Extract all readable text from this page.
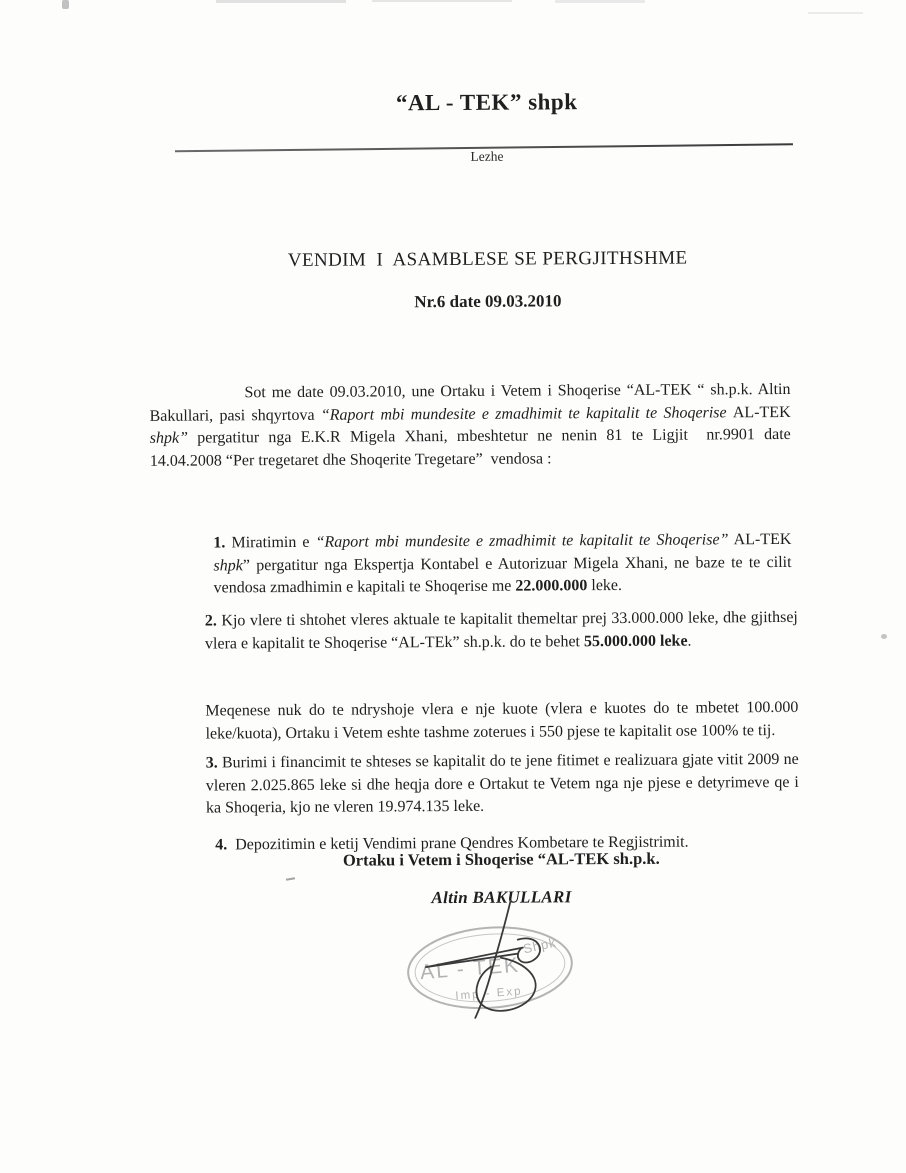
“AL - TEK” shpk
Lezhe
VENDIM  I  ASAMBLESE SE PERGJITHSHME
Nr.6 date 09.03.2010
Sot me date 09.03.2010, une Ortaku i Vetem i Shoqerise “AL-TEK “ sh.p.k. Altin Bakullari, pasi shqyrtova “Raport mbi mundesite e zmadhimit te kapitalit te Shoqerise AL-TEK shpk” pergatitur nga E.K.R Migela Xhani, mbeshtetur ne nenin 81 te Ligjit  nr.9901 date 14.04.2008 “Per tregetaret dhe Shoqerite Tregetare”  vendosa :

1. Miratimin e “Raport mbi mundesite e zmadhimit te kapitalit te Shoqerise” AL-TEK shpk” pergatitur nga Ekspertja Kontabel e Autorizuar Migela Xhani, ne baze te te cilit vendosa zmadhimin e kapitali te Shoqerise me 22.000.000 leke.

2. Kjo vlere ti shtohet vleres aktuale te kapitalit themeltar prej 33.000.000 leke, dhe gjithsej vlera e kapitalit te Shoqerise “AL-TEk” sh.p.k. do te behet 55.000.000 leke.

Meqenese nuk do te ndryshoje vlera e nje kuote (vlera e kuotes do te mbetet 100.000 leke/kuota), Ortaku i Vetem eshte tashme zoterues i 550 pjese te kapitalit ose 100% te tij.

3. Burimi i financimit te shteses se kapitalit do te jene fitimet e realizuara gjate vitit 2009 ne vleren 2.025.865 leke si dhe heqja dore e Ortakut te Vetem nga nje pjese e detyrimeve qe i ka Shoqeria, kjo ne vleren 19.974.135 leke.

4.  Depozitimin e ketij Vendimi prane Qendres Kombetare te Regjistrimit.

Ortaku i Vetem i Shoqerise “AL-TEK sh.p.k.
Altin BAKULLARI
AL - TEK
Shpk
Imp - Exp
